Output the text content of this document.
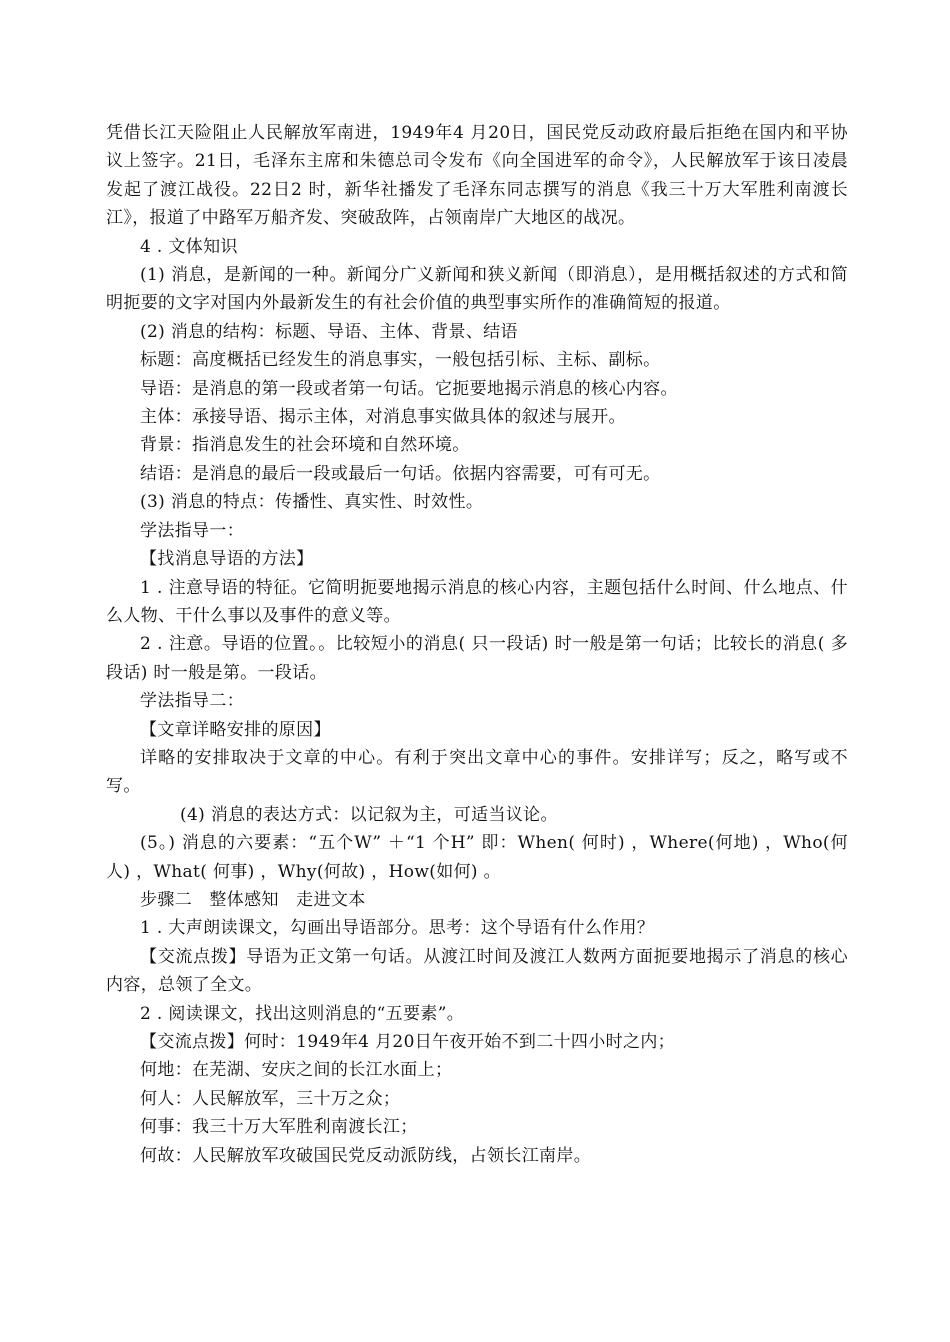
凭借长江天险阻止人民解放军南进，1949年4 月20日，国民党反动政府最后拒绝在国内和平协议上签字。21日，毛泽东主席和朱德总司令发布《向全国进军的命令》，人民解放军于该日凌晨发起了渡江战役。22日2 时，新华社播发了毛泽东同志撰写的消息《我三十万大军胜利南渡长江》，报道了中路军万船齐发、突破敌阵，占领南岸广大地区的战况。

4 . 文体知识

(1) 消息，是新闻的一种。新闻分广义新闻和狭义新闻（即消息），是用概括叙述的方式和简明扼要的文字对国内外最新发生的有社会价值的典型事实所作的准确简短的报道。

(2) 消息的结构：标题、导语、主体、背景、结语

标题：高度概括已经发生的消息事实，一般包括引标、主标、副标。

导语：是消息的第一段或者第一句话。它扼要地揭示消息的核心内容。

主体：承接导语、揭示主体，对消息事实做具体的叙述与展开。

背景：指消息发生的社会环境和自然环境。

结语：是消息的最后一段或最后一句话。依据内容需要，可有可无。

(3) 消息的特点：传播性、真实性、时效性。

学法指导一：

【找消息导语的方法】

1 . 注意导语的特征。它简明扼要地揭示消息的核心内容，主题包括什么时间、什么地点、什么人物、干什么事以及事件的意义等。

2 . 注意。导语的位置。。比较短小的消息( 只一段话) 时一般是第一句话；比较长的消息( 多段话) 时一般是第。一段话。

学法指导二：

【文章详略安排的原因】

详略的安排取决于文章的中心。有利于突出文章中心的事件。安排详写；反之，略写或不写。

(4) 消息的表达方式：以记叙为主，可适当议论。

(5。) 消息的六要素：“五个W” ＋“1 个H” 即：When( 何时) ，Where(何地) ，Who(何人) ，What( 何事) ，Why(何故) ，How(如何) 。

步骤二　整体感知　走进文本

1 . 大声朗读课文，勾画出导语部分。思考：这个导语有什么作用？

【交流点拨】导语为正文第一句话。从渡江时间及渡江人数两方面扼要地揭示了消息的核心内容，总领了全文。

2 . 阅读课文，找出这则消息的“五要素”。

【交流点拨】何时：1949年4 月20日午夜开始不到二十四小时之内；

何地：在芜湖、安庆之间的长江水面上；

何人：人民解放军，三十万之众；

何事：我三十万大军胜利南渡长江；

何故：人民解放军攻破国民党反动派防线，占领长江南岸。
